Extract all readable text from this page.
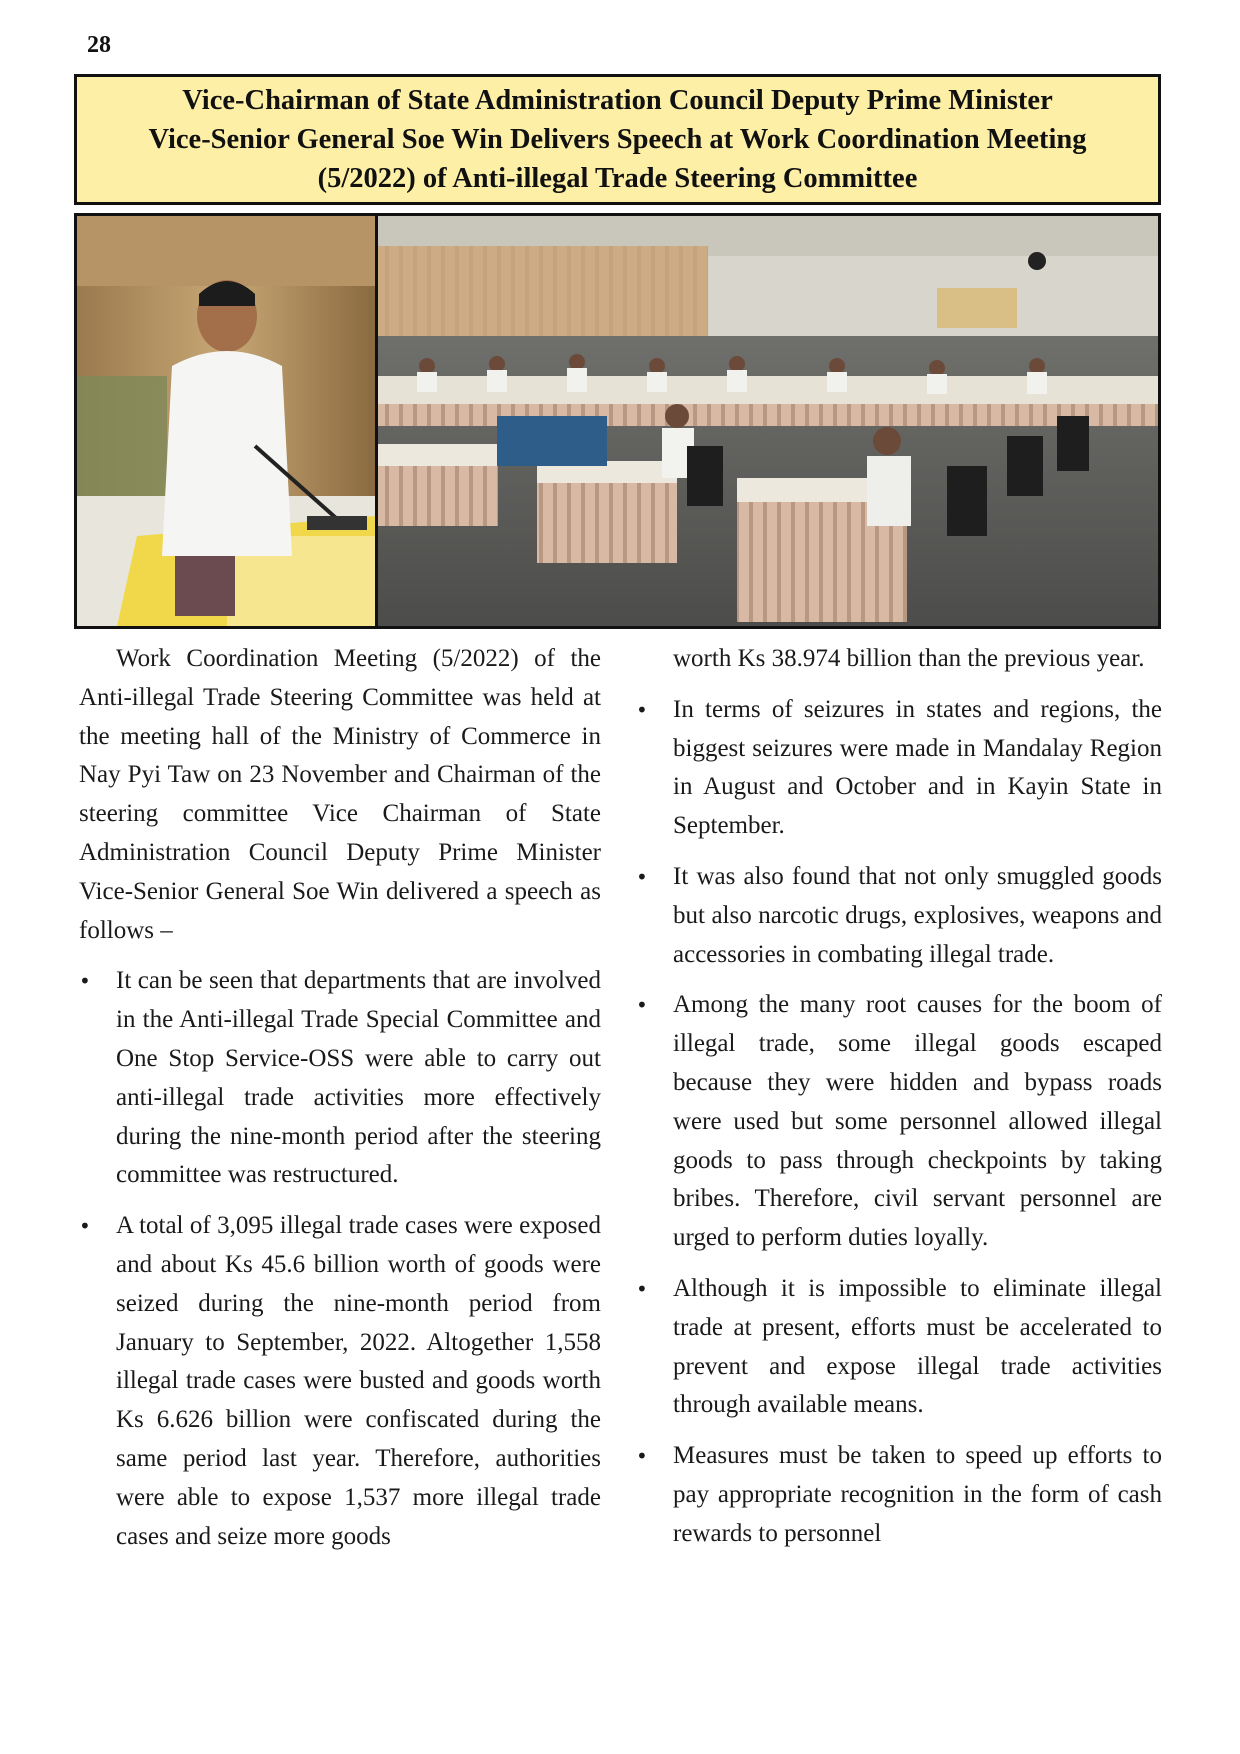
28
Vice-Chairman of State Administration Council Deputy Prime Minister
Vice-Senior General Soe Win Delivers Speech at Work Coordination Meeting
(5/2022) of Anti-illegal Trade Steering Committee

Work Coordination Meeting (5/2022) of the Anti-illegal Trade Steering Committee was held at the meeting hall of the Ministry of Commerce in Nay Pyi Taw on 23 November and Chairman of the steering committee Vice Chairman of State Administration Council Deputy Prime Minister Vice-Senior General Soe Win delivered a speech as follows –

• It can be seen that departments that are involved in the Anti-illegal Trade Special Committee and One Stop Service-OSS were able to carry out anti-illegal trade activities more effectively during the nine-month period after the steering committee was restructured.
• A total of 3,095 illegal trade cases were exposed and about Ks 45.6 billion worth of goods were seized during the nine-month period from January to September, 2022. Altogether 1,558 illegal trade cases were busted and goods worth Ks 6.626 billion were confiscated during the same period last year. Therefore, authorities were able to expose 1,537 more illegal trade cases and seize more goods

worth Ks 38.974 billion than the previous year.

• In terms of seizures in states and regions, the biggest seizures were made in Mandalay Region in August and October and in Kayin State in September.
• It was also found that not only smuggled goods but also narcotic drugs, explosives, weapons and accessories in combating illegal trade.
• Among the many root causes for the boom of illegal trade, some illegal goods escaped because they were hidden and bypass roads were used but some personnel allowed illegal goods to pass through checkpoints by taking bribes. Therefore, civil servant personnel are urged to perform duties loyally.
• Although it is impossible to eliminate illegal trade at present, efforts must be accelerated to prevent and expose illegal trade activities through available means.
• Measures must be taken to speed up efforts to pay appropriate recognition in the form of cash rewards to personnel
